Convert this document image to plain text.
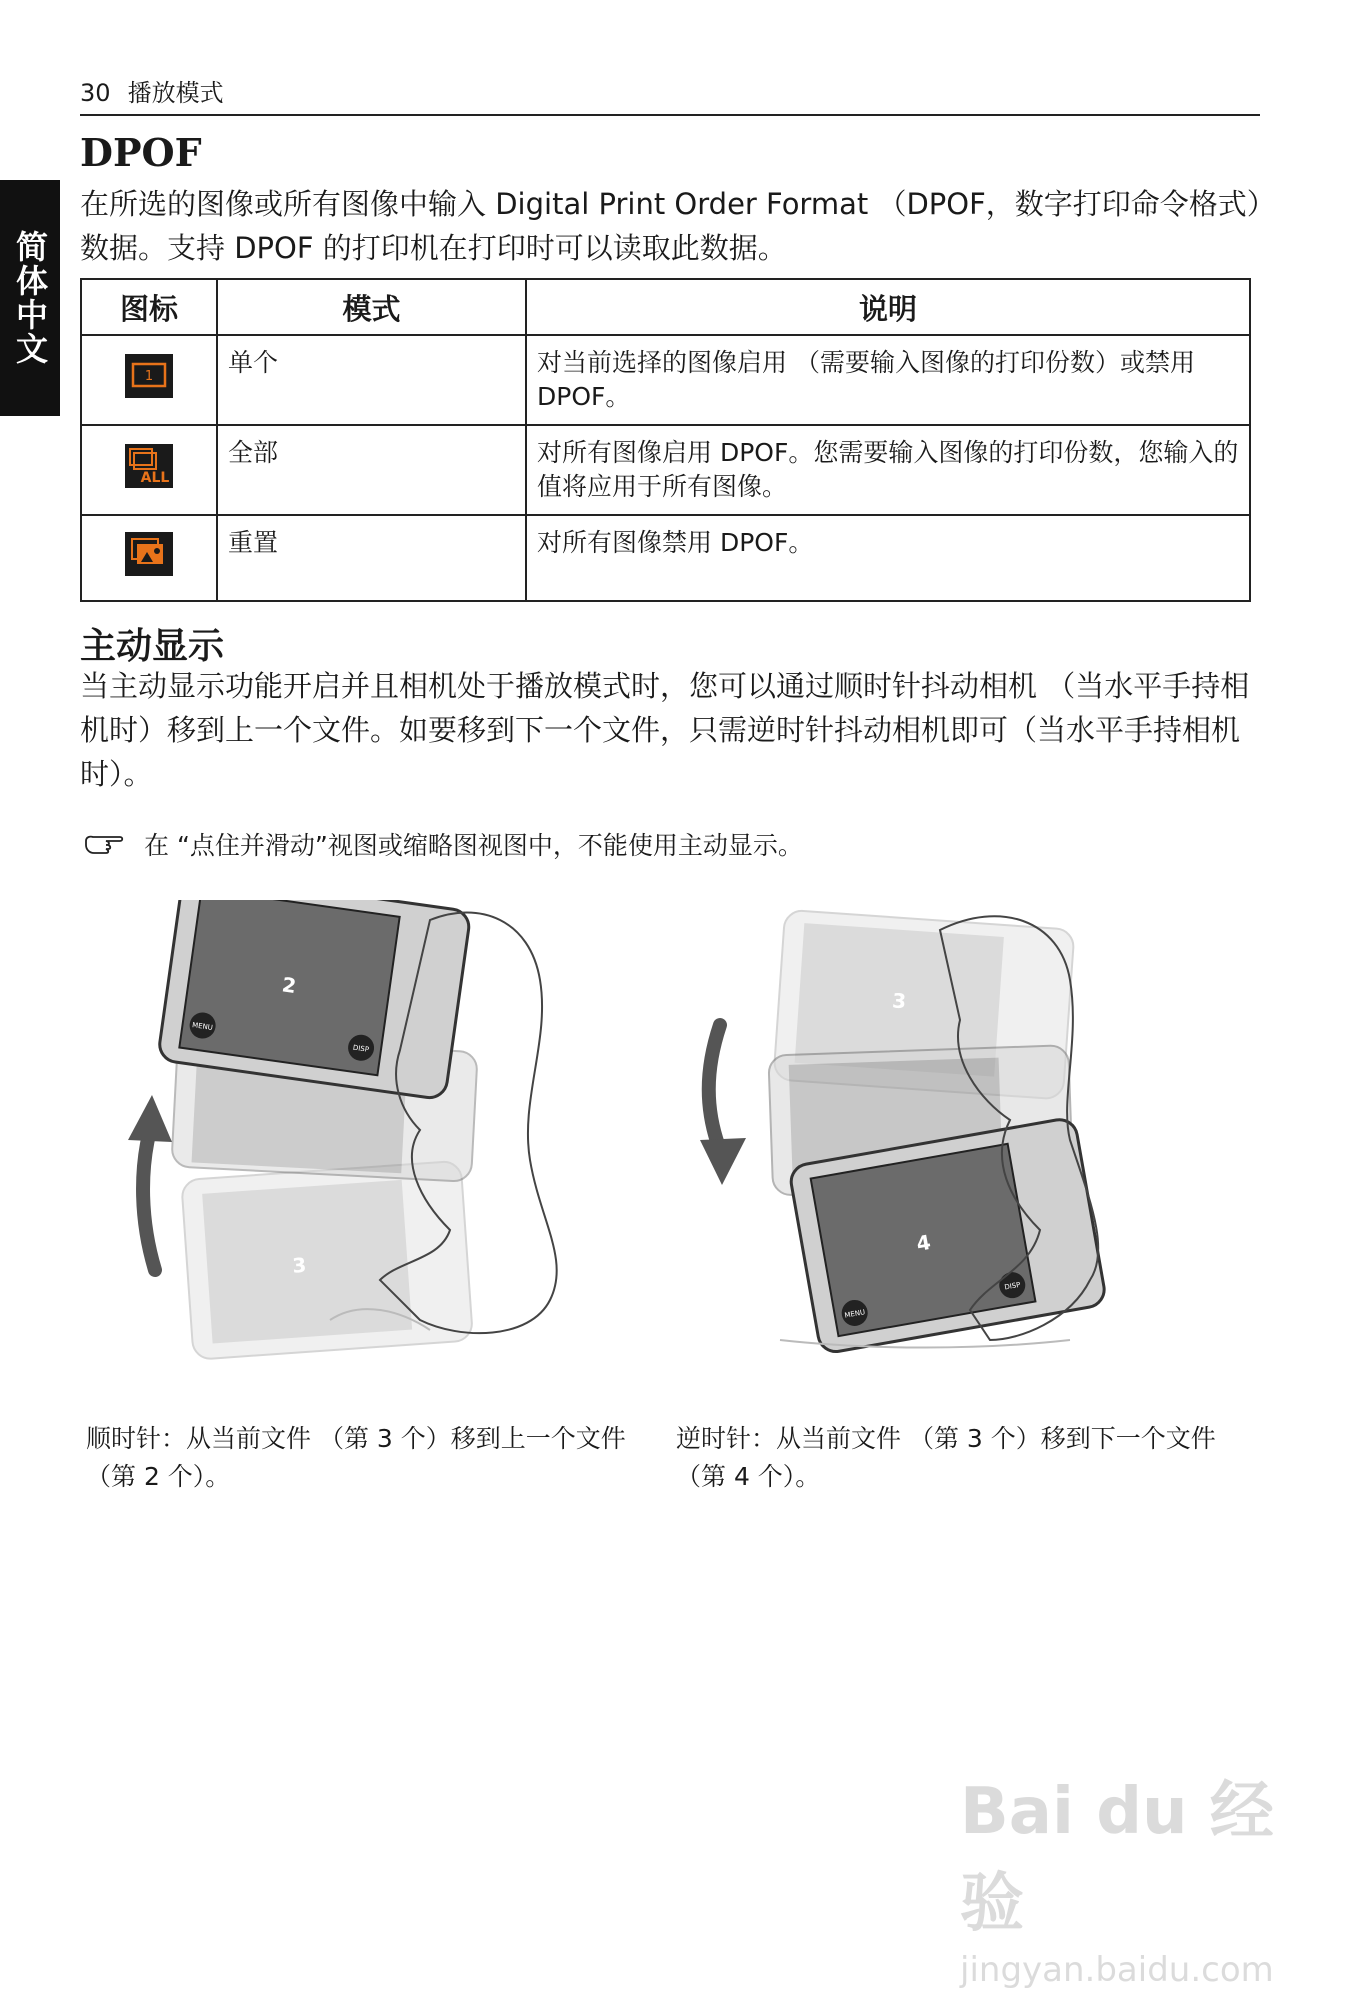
30 播放模式
简体中文
DPOF

在所选的图像或所有图像中输入 Digital Print Order Format （DPOF，数字打印命令格式）数据。支持 DPOF 的打印机在打印时可以读取此数据。

图标	模式	说明

1	单个	对当前选择的图像启用 （需要输入图像的打印份数）或禁用 DPOF。

ALL	全部	对所有图像启用 DPOF。您需要输入图像的打印份数，您输入的值将应用于所有图像。
	重置	对所有图像禁用 DPOF。
主动显示

当主动显示功能开启并且相机处于播放模式时，您可以通过顺时针抖动相机 （当水平手持相机时）移到上一个文件。如要移到下一个文件，只需逆时针抖动相机即可（当水平手持相机时）。

在 “点住并滑动”视图或缩略图视图中，不能使用主动显示。
3
2
MENU
DISP

顺时针：从当前文件 （第 3 个）移到上一个文件 （第 2 个）。

3
4
MENU
DISP

逆时针：从当前文件 （第 3 个）移到下一个文件 （第 4 个）。

Bai du 经验
jingyan.baidu.com
